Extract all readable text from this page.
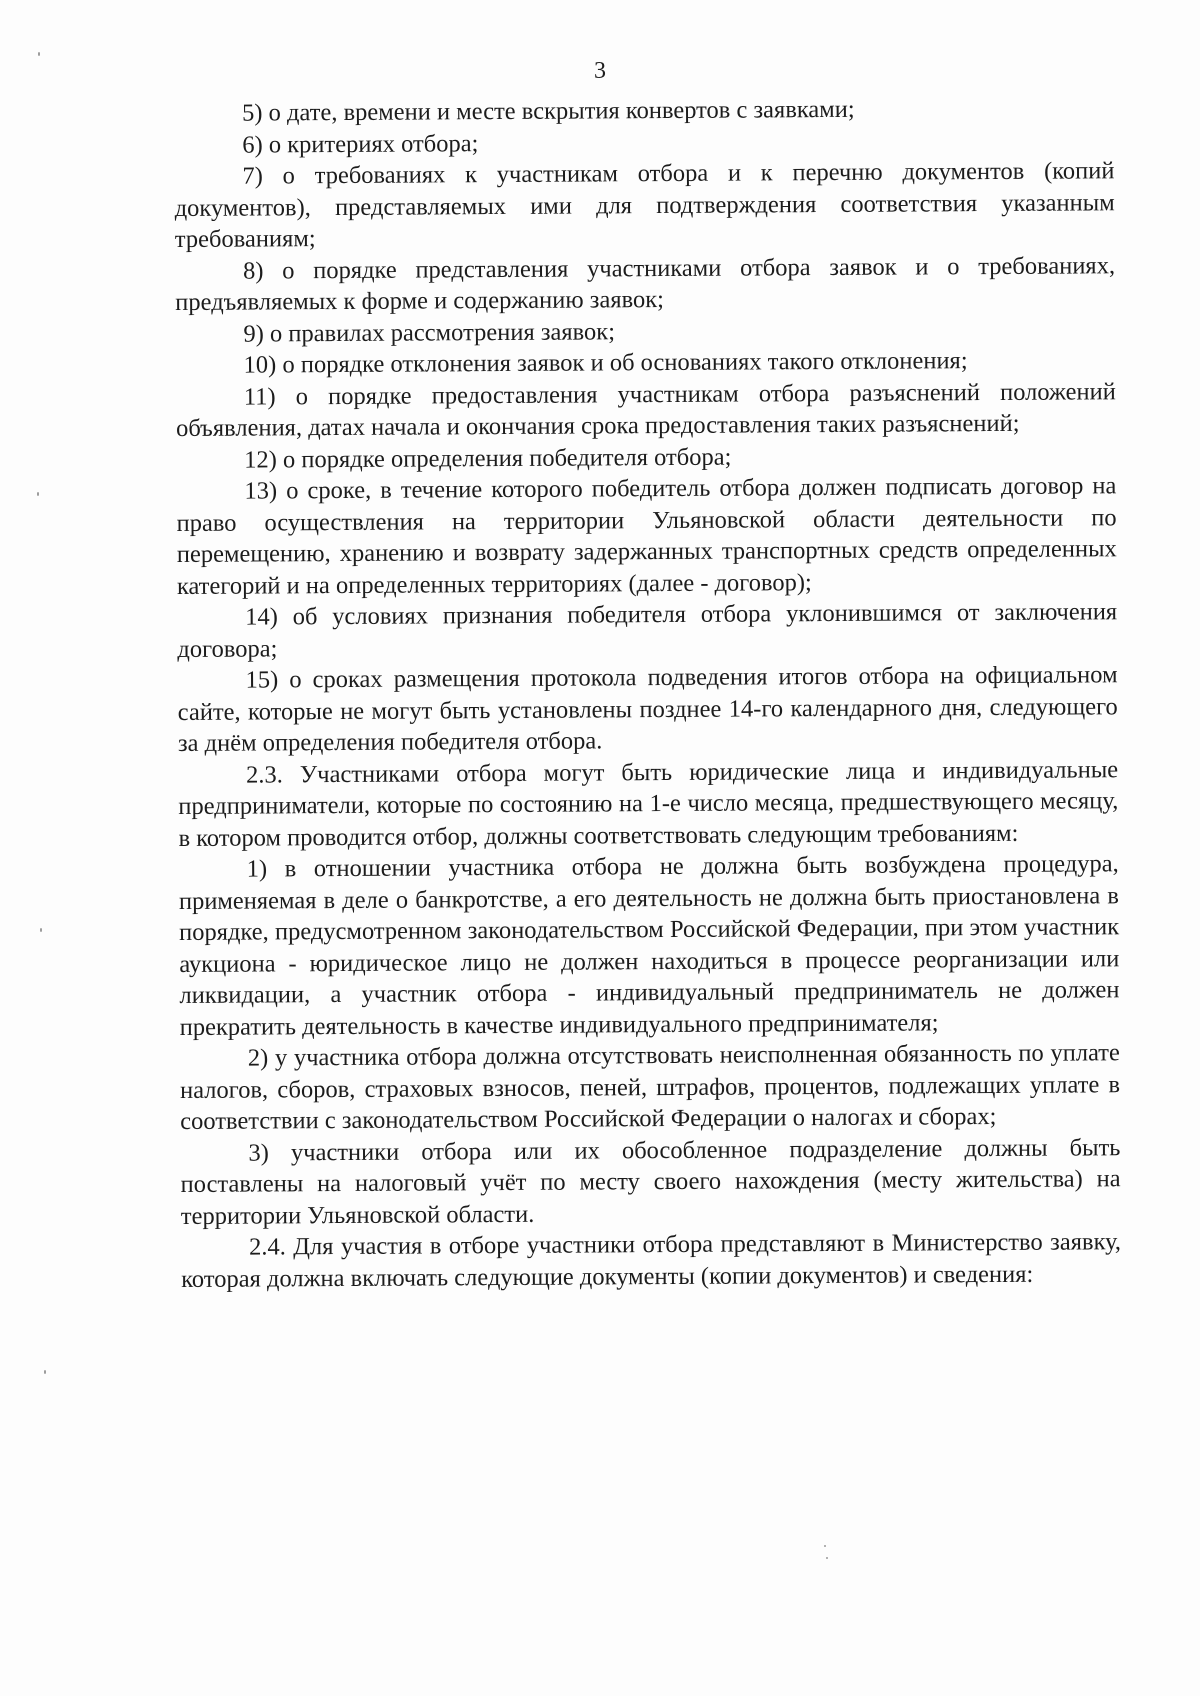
3

5) о дате, времени и месте вскрытия конвертов с заявками;

6) о критериях отбора;

7) о требованиях к участникам отбора и к перечню документов (копий документов), представляемых ими для подтверждения соответствия указанным требованиям;

8) о порядке представления участниками отбора заявок и о требованиях, предъявляемых к форме и содержанию заявок;

9) о правилах рассмотрения заявок;

10) о порядке отклонения заявок и об основаниях такого отклонения;

11) о порядке предоставления участникам отбора разъяснений положений объявления, датах начала и окончания срока предоставления таких разъяснений;

12) о порядке определения победителя отбора;

13) о сроке, в течение которого победитель отбора должен подписать договор на право осуществления на территории Ульяновской области деятельности по перемещению, хранению и возврату задержанных транспортных средств определенных категорий и на определенных территориях (далее - договор);

14) об условиях признания победителя отбора уклонившимся от заключения договора;

15) о сроках размещения протокола подведения итогов отбора на официальном сайте, которые не могут быть установлены позднее 14-го календарного дня, следующего за днём определения победителя отбора.

2.3. Участниками отбора могут быть юридические лица и индивидуальные предприниматели, которые по состоянию на 1-е число месяца, предшествующего месяцу, в котором проводится отбор, должны соответствовать следующим требованиям:

1) в отношении участника отбора не должна быть возбуждена процедура, применяемая в деле о банкротстве, а его деятельность не должна быть приостановлена в порядке, предусмотренном законодательством Российской Федерации, при этом участник аукциона - юридическое лицо не должен находиться в процессе реорганизации или ликвидации, а участник отбора - индивидуальный предприниматель не должен прекратить деятельность в качестве индивидуального предпринимателя;

2) у участника отбора должна отсутствовать неисполненная обязанность по уплате налогов, сборов, страховых взносов, пеней, штрафов, процентов, подлежащих уплате в соответствии с законодательством Российской Федерации о налогах и сборах;

3) участники отбора или их обособленное подразделение должны быть поставлены на налоговый учёт по месту своего нахождения (месту жительства) на территории Ульяновской области.

2.4. Для участия в отборе участники отбора представляют в Министерство заявку, которая должна включать следующие документы (копии документов) и сведения:
